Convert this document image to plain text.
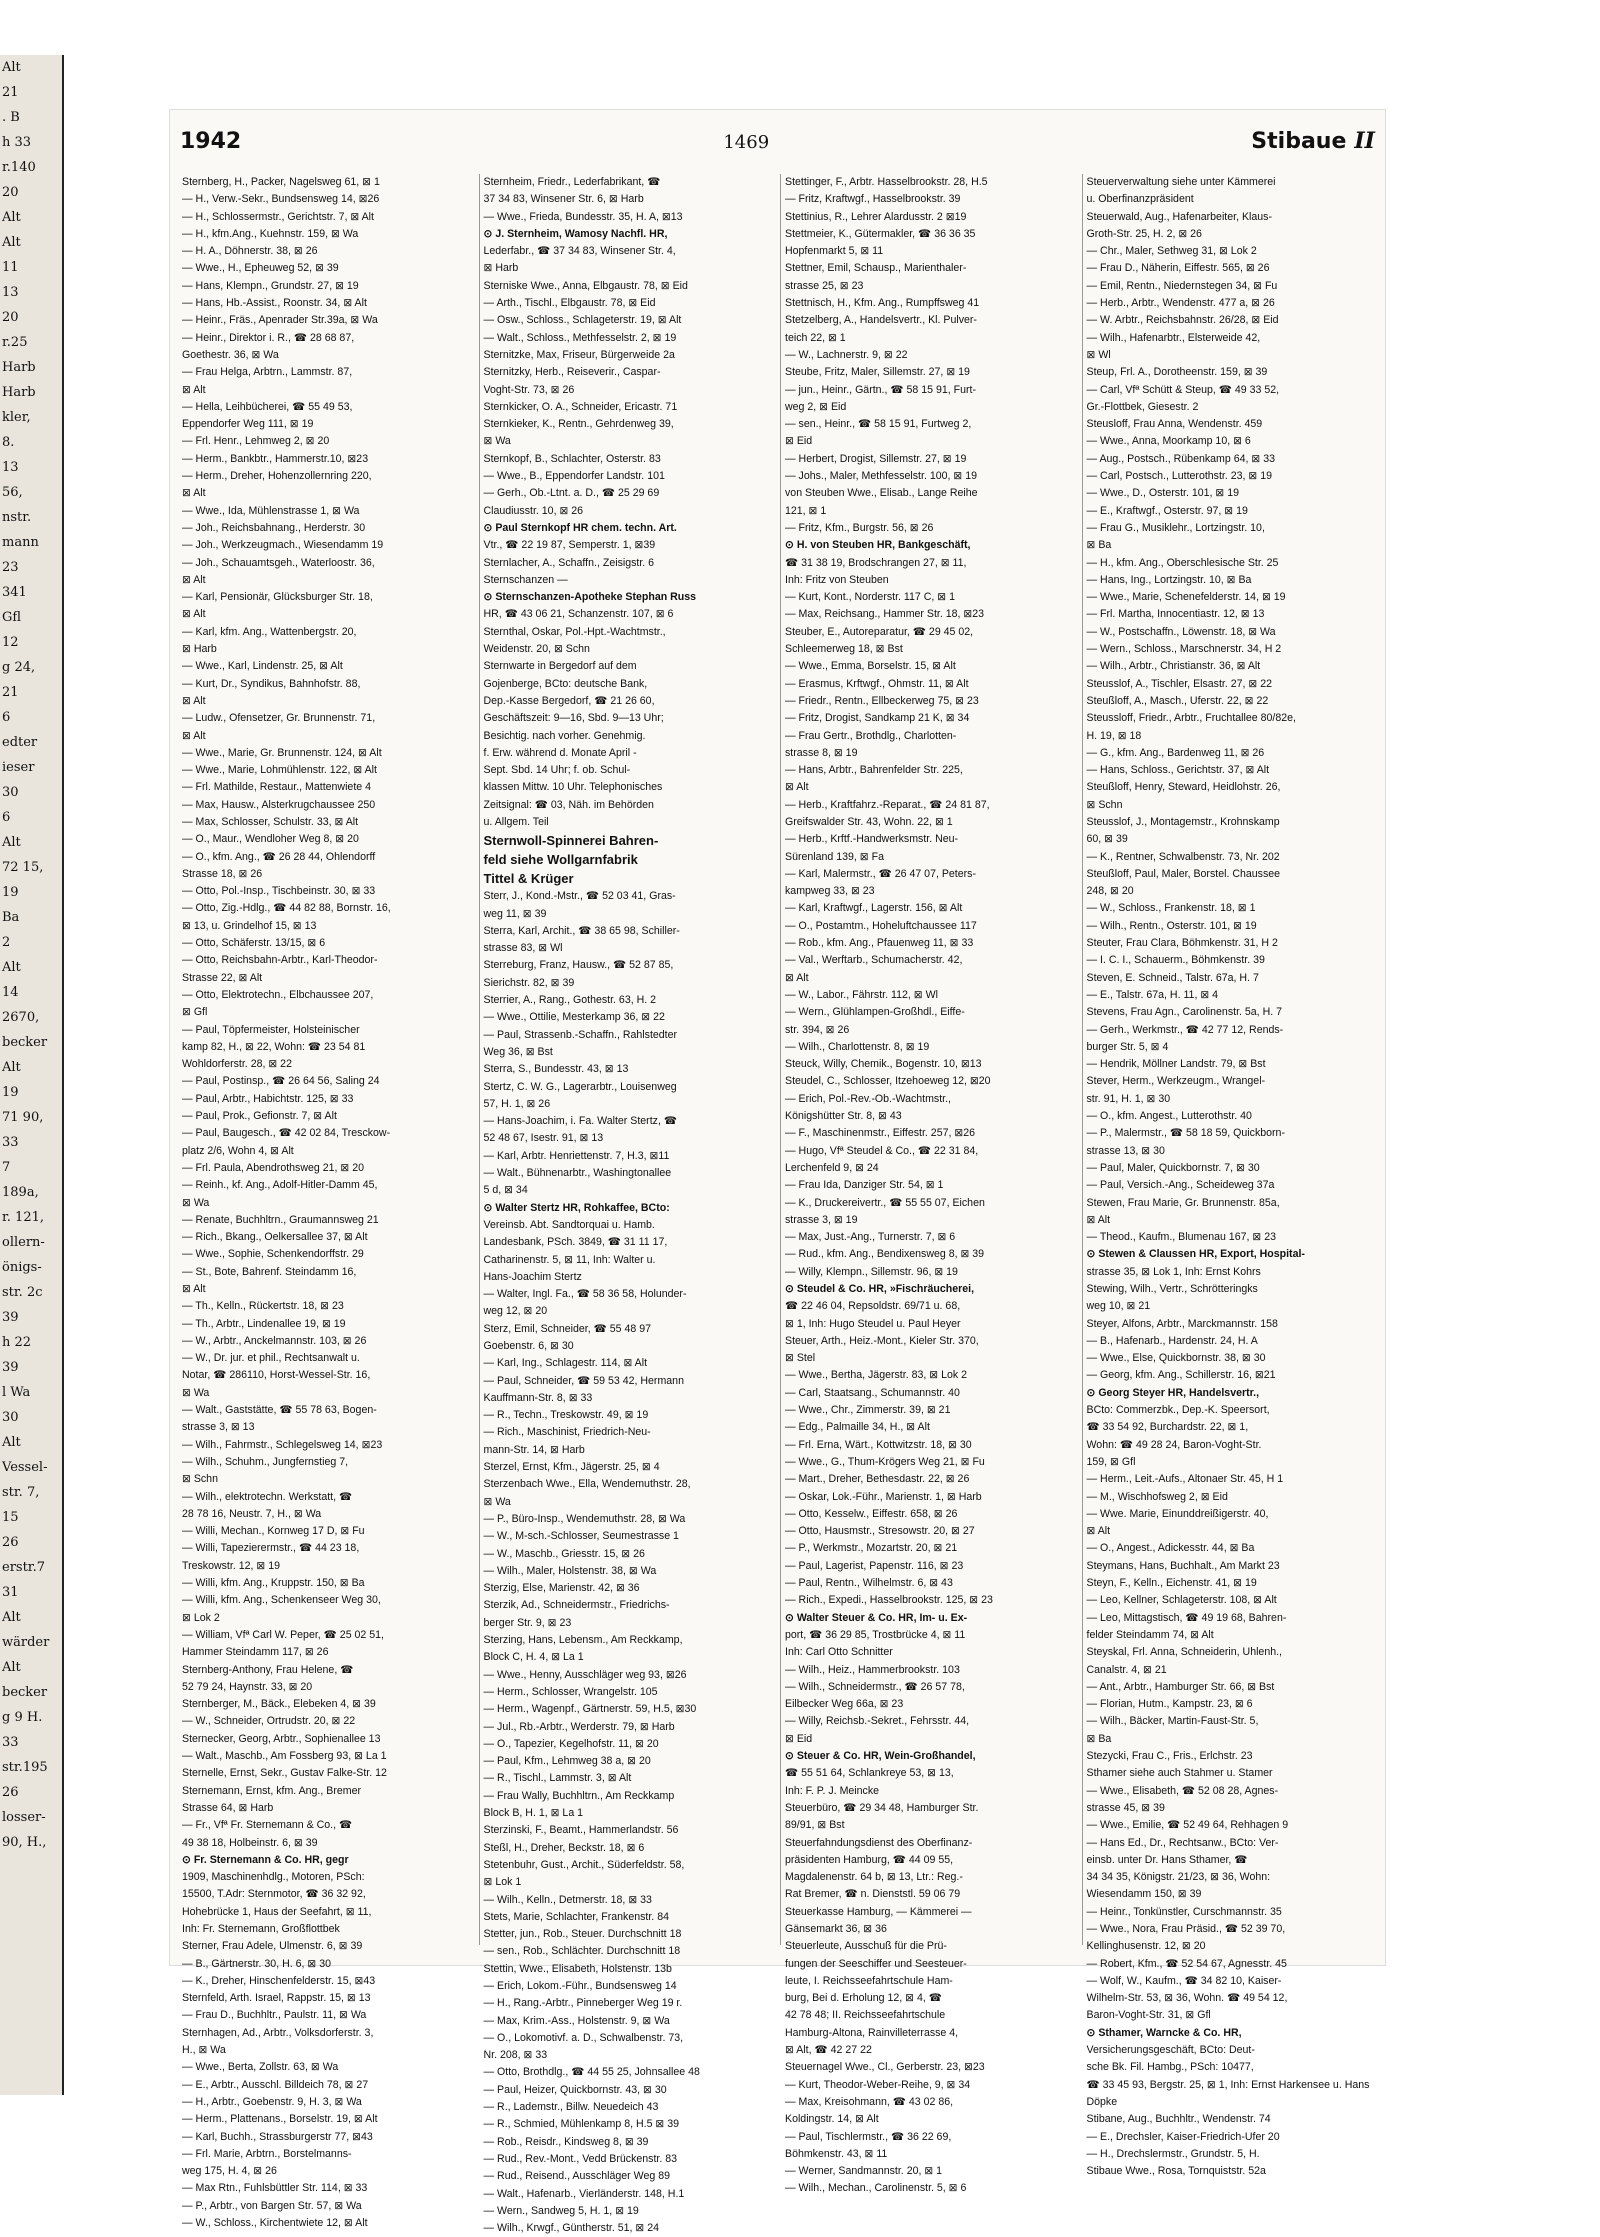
Alt
21
. B
h 33
r.140
20
Alt
Alt
11
13
20
r.25
Harb
Harb
kler,
8.
13
56,
nstr.
mann
23
341
Gfl
12
g 24,
21
6
edter
ieser
30
6
Alt
72 15,
19
Ba
2
Alt
14
2670,
becker
Alt
19
71 90,
33
7
189a,
r. 121,
ollern-
önigs-
str. 2c
39
h 22
39
l Wa
30
Alt
Vessel-
str. 7,
15
26
erstr.7
31
Alt
wärder
Alt
becker
g 9 H.
33
str.195
26
losser-
90, H.,
1942	1469	Stibaue II
Sternberg, H., Packer, Nagelsweg 61, ⊠ 1
— H., Verw.-Sekr., Bundsensweg 14, ⊠26
— H., Schlossermstr., Gerichtstr. 7, ⊠ Alt
— H., kfm.Ang., Kuehnstr. 159, ⊠ Wa
— H. A., Döhnerstr. 38, ⊠ 26
— Wwe., H., Epheuweg 52, ⊠ 39
— Hans, Klempn., Grundstr. 27, ⊠ 19
— Hans, Hb.-Assist., Roonstr. 34, ⊠ Alt
— Heinr., Fräs., Apenrader Str.39a, ⊠ Wa
— Heinr., Direktor i. R., ☎ 28 68 87,
Goethestr. 36, ⊠ Wa
— Frau Helga, Arbtrn., Lammstr. 87,
⊠ Alt
— Hella, Leihbücherei, ☎ 55 49 53,
Eppendorfer Weg 111, ⊠ 19
— Frl. Henr., Lehmweg 2, ⊠ 20
— Herm., Bankbtr., Hammerstr.10, ⊠23
— Herm., Dreher, Hohenzollernring 220,
⊠ Alt
— Wwe., Ida, Mühlenstrasse 1, ⊠ Wa
— Joh., Reichsbahnang., Herderstr. 30
— Joh., Werkzeugmach., Wiesendamm 19
— Joh., Schauamtsgeh., Waterloostr. 36,
⊠ Alt
— Karl, Pensionär, Glücksburger Str. 18,
⊠ Alt
— Karl, kfm. Ang., Wattenbergstr. 20,
⊠ Harb
— Wwe., Karl, Lindenstr. 25, ⊠ Alt
— Kurt, Dr., Syndikus, Bahnhofstr. 88,
⊠ Alt
— Ludw., Ofensetzer, Gr. Brunnenstr. 71,
⊠ Alt
— Wwe., Marie, Gr. Brunnenstr. 124, ⊠ Alt
— Wwe., Marie, Lohmühlenstr. 122, ⊠ Alt
— Frl. Mathilde, Restaur., Mattenwiete 4
— Max, Hausw., Alsterkrugchaussee 250
— Max, Schlosser, Schulstr. 33, ⊠ Alt
— O., Maur., Wendloher Weg 8, ⊠ 20
— O., kfm. Ang., ☎ 26 28 44, Ohlendorff
Strasse 18, ⊠ 26
— Otto, Pol.-Insp., Tischbeinstr. 30, ⊠ 33
— Otto, Zig.-Hdlg., ☎ 44 82 88, Bornstr. 16,
⊠ 13, u. Grindelhof 15, ⊠ 13
— Otto, Schäferstr. 13/15, ⊠ 6
— Otto, Reichsbahn-Arbtr., Karl-Theodor-
Strasse 22, ⊠ Alt
— Otto, Elektrotechn., Elbchaussee 207,
⊠ Gfl
— Paul, Töpfermeister, Holsteinischer
kamp 82, H., ⊠ 22, Wohn: ☎ 23 54 81
Wohldorferstr. 28, ⊠ 22
— Paul, Postinsp., ☎ 26 64 56, Saling 24
— Paul, Arbtr., Habichtstr. 125, ⊠ 33
— Paul, Prok., Gefionstr. 7, ⊠ Alt
— Paul, Baugesch., ☎ 42 02 84, Tresckow-
platz 2/6, Wohn 4, ⊠ Alt
— Frl. Paula, Abendrothsweg 21, ⊠ 20
— Reinh., kf. Ang., Adolf-Hitler-Damm 45,
⊠ Wa
— Renate, Buchhltrn., Graumannsweg 21
— Rich., Bkang., Oelkersallee 37, ⊠ Alt
— Wwe., Sophie, Schenkendorffstr. 29
— St., Bote, Bahrenf. Steindamm 16,
⊠ Alt
— Th., Kelln., Rückertstr. 18, ⊠ 23
— Th., Arbtr., Lindenallee 19, ⊠ 19
— W., Arbtr., Anckelmannstr. 103, ⊠ 26
— W., Dr. jur. et phil., Rechtsanwalt u.
Notar, ☎ 286110, Horst-Wessel-Str. 16,
⊠ Wa
— Walt., Gaststätte, ☎ 55 78 63, Bogen-
strasse 3, ⊠ 13
— Wilh., Fahrmstr., Schlegelsweg 14, ⊠23
— Wilh., Schuhm., Jungfernstieg 7,
⊠ Schn
— Wilh., elektrotechn. Werkstatt, ☎
28 78 16, Neustr. 7, H., ⊠ Wa
— Willi, Mechan., Kornweg 17 D, ⊠ Fu
— Willi, Tapezierermstr., ☎ 44 23 18,
Treskowstr. 12, ⊠ 19
— Willi, kfm. Ang., Kruppstr. 150, ⊠ Ba
— Willi, kfm. Ang., Schenkenseer Weg 30,
⊠ Lok 2
— William, Vfª Carl W. Peper, ☎ 25 02 51,
Hammer Steindamm 117, ⊠ 26
Sternberg-Anthony, Frau Helene, ☎
52 79 24, Haynstr. 33, ⊠ 20
Sternberger, M., Bäck., Elebeken 4, ⊠ 39
— W., Schneider, Ortrudstr. 20, ⊠ 22
Sternecker, Georg, Arbtr., Sophienallee 13
— Walt., Maschb., Am Fossberg 93, ⊠ La 1
Sternelle, Ernst, Sekr., Gustav Falke-Str. 12
Sternemann, Ernst, kfm. Ang., Bremer
Strasse 64, ⊠ Harb
— Fr., Vfª Fr. Sternemann & Co., ☎
49 38 18, Holbeinstr. 6, ⊠ 39
⊙ Fr. Sternemann & Co. HR, gegr
1909, Maschinenhdlg., Motoren, PSch:
15500, T.Adr: Sternmotor, ☎ 36 32 92,
Hohebrücke 1, Haus der Seefahrt, ⊠ 11,
Inh: Fr. Sternemann, Großflottbek
Sterner, Frau Adele, Ulmenstr. 6, ⊠ 39
— B., Gärtnerstr. 30, H. 6, ⊠ 30
— K., Dreher, Hinschenfelderstr. 15, ⊠43
Sternfeld, Arth. Israel, Rappstr. 15, ⊠ 13
— Frau D., Buchhltr., Paulstr. 11, ⊠ Wa
Sternhagen, Ad., Arbtr., Volksdorferstr. 3,
H., ⊠ Wa
— Wwe., Berta, Zollstr. 63, ⊠ Wa
— E., Arbtr., Ausschl. Billdeich 78, ⊠ 27
— H., Arbtr., Goebenstr. 9, H. 3, ⊠ Wa
— Herm., Plattenans., Borselstr. 19, ⊠ Alt
— Karl, Buchh., Strassburgerstr 77, ⊠43
— Frl. Marie, Arbtrn., Borstelmanns-
weg 175, H. 4, ⊠ 26
— Max Rtn., Fuhlsbüttler Str. 114, ⊠ 33
— P., Arbtr., von Bargen Str. 57, ⊠ Wa
— W., Schloss., Kirchentwiete 12, ⊠ Alt
Sternheim, Friedr., Lederfabrikant, ☎
37 34 83, Winsener Str. 6, ⊠ Harb
— Wwe., Frieda, Bundesstr. 35, H. A, ⊠13
⊙ J. Sternheim, Wamosy Nachfl. HR,
Lederfabr., ☎ 37 34 83, Winsener Str. 4,
⊠ Harb
Sterniske Wwe., Anna, Elbgaustr. 78, ⊠ Eid
— Arth., Tischl., Elbgaustr. 78, ⊠ Eid
— Osw., Schloss., Schlageterstr. 19, ⊠ Alt
— Walt., Schloss., Methfesselstr. 2, ⊠ 19
Sternitzke, Max, Friseur, Bürgerweide 2a
Sternitzky, Herb., Reiseverir., Caspar-
Voght-Str. 73, ⊠ 26
Sternkicker, O. A., Schneider, Ericastr. 71
Sternkieker, K., Rentn., Gehrdenweg 39,
⊠ Wa
Sternkopf, B., Schlachter, Osterstr. 83
— Wwe., B., Eppendorfer Landstr. 101
— Gerh., Ob.-Ltnt. a. D., ☎ 25 29 69
Claudiusstr. 10, ⊠ 26
⊙ Paul Sternkopf HR chem. techn. Art.
Vtr., ☎ 22 19 87, Semperstr. 1, ⊠39
Sternlacher, A., Schaffn., Zeisigstr. 6
Sternschanzen —
⊙ Sternschanzen-Apotheke Stephan Russ
HR, ☎ 43 06 21, Schanzenstr. 107, ⊠ 6
Sternthal, Oskar, Pol.-Hpt.-Wachtmstr.,
Weidenstr. 20, ⊠ Schn
Sternwarte in Bergedorf auf dem
Gojenberge, BCto: deutsche Bank,
Dep.-Kasse Bergedorf, ☎ 21 26 60,
Geschäftszeit: 9—16, Sbd. 9—13 Uhr;
Besichtig. nach vorher. Genehmig.
f. Erw. während d. Monate April -
Sept. Sbd. 14 Uhr; f. ob. Schul-
klassen Mittw. 10 Uhr. Telephonisches
Zeitsignal: ☎ 03, Näh. im Behörden
u. Allgem. Teil
Sternwoll-Spinnerei Bahren-
feld siehe Wollgarnfabrik
Tittel & Krüger
Sterr, J., Kond.-Mstr., ☎ 52 03 41, Gras-
weg 11, ⊠ 39
Sterra, Karl, Archit., ☎ 38 65 98, Schiller-
strasse 83, ⊠ Wl
Sterreburg, Franz, Hausw., ☎ 52 87 85,
Sierichstr. 82, ⊠ 39
Sterrier, A., Rang., Gothestr. 63, H. 2
— Wwe., Ottilie, Mesterkamp 36, ⊠ 22
— Paul, Strassenb.-Schaffn., Rahlstedter
Weg 36, ⊠ Bst
Sterra, S., Bundesstr. 43, ⊠ 13
Stertz, C. W. G., Lagerarbtr., Louisenweg
57, H. 1, ⊠ 26
— Hans-Joachim, i. Fa. Walter Stertz, ☎
52 48 67, Isestr. 91, ⊠ 13
— Karl, Arbtr. Henriettenstr. 7, H.3, ⊠11
— Walt., Bühnenarbtr., Washingtonallee
5 d, ⊠ 34
⊙ Walter Stertz HR, Rohkaffee, BCto:
Vereinsb. Abt. Sandtorquai u. Hamb.
Landesbank, PSch. 3849, ☎ 31 11 17,
Catharinenstr. 5, ⊠ 11, Inh: Walter u.
Hans-Joachim Stertz
— Walter, Ingl. Fa., ☎ 58 36 58, Holunder-
weg 12, ⊠ 20
Sterz, Emil, Schneider, ☎ 55 48 97
Goebenstr. 6, ⊠ 30
— Karl, Ing., Schlagestr. 114, ⊠ Alt
— Paul, Schneider, ☎ 59 53 42, Hermann
Kauffmann-Str. 8, ⊠ 33
— R., Techn., Treskowstr. 49, ⊠ 19
— Rich., Maschinist, Friedrich-Neu-
mann-Str. 14, ⊠ Harb
Sterzel, Ernst, Kfm., Jägerstr. 25, ⊠ 4
Sterzenbach Wwe., Ella, Wendemuthstr. 28,
⊠ Wa
— P., Büro-Insp., Wendemuthstr. 28, ⊠ Wa
— W., M-sch.-Schlosser, Seumestrasse 1
— W., Maschb., Griesstr. 15, ⊠ 26
— Wilh., Maler, Holstenstr. 38, ⊠ Wa
Sterzig, Else, Marienstr. 42, ⊠ 36
Sterzik, Ad., Schneidermstr., Friedrichs-
berger Str. 9, ⊠ 23
Sterzing, Hans, Lebensm., Am Reckkamp,
Block C, H. 4, ⊠ La 1
— Wwe., Henny, Ausschläger weg 93, ⊠26
— Herm., Schlosser, Wrangelstr. 105
— Herm., Wagenpf., Gärtnerstr. 59, H.5, ⊠30
— Jul., Rb.-Arbtr., Werderstr. 79, ⊠ Harb
— O., Tapezier, Kegelhofstr. 11, ⊠ 20
— Paul, Kfm., Lehmweg 38 a, ⊠ 20
— R., Tischl., Lammstr. 3, ⊠ Alt
— Frau Wally, Buchhltrn., Am Reckkamp
Block B, H. 1, ⊠ La 1
Sterzinski, F., Beamt., Hammerlandstr. 56
Steßl, H., Dreher, Beckstr. 18, ⊠ 6
Stetenbuhr, Gust., Archit., Süderfeldstr. 58,
⊠ Lok 1
— Wilh., Kelln., Detmerstr. 18, ⊠ 33
Stets, Marie, Schlachter, Frankenstr. 84
Stetter, jun., Rob., Steuer. Durchschnitt 18
— sen., Rob., Schlächter. Durchschnitt 18
Stettin, Wwe., Elisabeth, Holstenstr. 13b
— Erich, Lokom.-Führ., Bundsensweg 14
— H., Rang.-Arbtr., Pinneberger Weg 19 r.
— Max, Krim.-Ass., Holstenstr. 9, ⊠ Wa
— O., Lokomotivf. a. D., Schwalbenstr. 73,
Nr. 208, ⊠ 33
— Otto, Brothdlg., ☎ 44 55 25, Johnsallee 48
— Paul, Heizer, Quickbornstr. 43, ⊠ 30
— R., Lademstr., Billw. Neuedeich 43
— R., Schmied, Mühlenkamp 8, H.5 ⊠ 39
— Rob., Reisdr., Kindsweg 8, ⊠ 39
— Rud., Rev.-Mont., Vedd Brückenstr. 83
— Rud., Reisend., Ausschläger Weg 89
— Walt., Hafenarb., Vierländerstr. 148, H.1
— Wern., Sandweg 5, H. 1, ⊠ 19
— Wilh., Krwgf., Güntherstr. 51, ⊠ 24
Stettinger, F., Arbtr. Hasselbrookstr. 28, H.5
— Fritz, Kraftwgf., Hasselbrookstr. 39
Stettinius, R., Lehrer Alardusstr. 2 ⊠19
Stettmeier, K., Gütermakler, ☎ 36 36 35
Hopfenmarkt 5, ⊠ 11
Stettner, Emil, Schausp., Marienthaler-
strasse 25, ⊠ 23
Stettnisch, H., Kfm. Ang., Rumpffsweg 41
Stetzelberg, A., Handelsvertr., Kl. Pulver-
teich 22, ⊠ 1
— W., Lachnerstr. 9, ⊠ 22
Steube, Fritz, Maler, Sillemstr. 27, ⊠ 19
— jun., Heinr., Gärtn., ☎ 58 15 91, Furt-
weg 2, ⊠ Eid
— sen., Heinr., ☎ 58 15 91, Furtweg 2,
⊠ Eid
— Herbert, Drogist, Sillemstr. 27, ⊠ 19
— Johs., Maler, Methfesselstr. 100, ⊠ 19
von Steuben Wwe., Elisab., Lange Reihe
121, ⊠ 1
— Fritz, Kfm., Burgstr. 56, ⊠ 26
⊙ H. von Steuben HR, Bankgeschäft,
☎ 31 38 19, Brodschrangen 27, ⊠ 11,
Inh: Fritz von Steuben
— Kurt, Kont., Norderstr. 117 C, ⊠ 1
— Max, Reichsang., Hammer Str. 18, ⊠23
Steuber, E., Autoreparatur, ☎ 29 45 02,
Schleemerweg 18, ⊠ Bst
— Wwe., Emma, Borselstr. 15, ⊠ Alt
— Erasmus, Krftwgf., Ohmstr. 11, ⊠ Alt
— Friedr., Rentn., Ellbeckerweg 75, ⊠ 23
— Fritz, Drogist, Sandkamp 21 K, ⊠ 34
— Frau Gertr., Brothdlg., Charlotten-
strasse 8, ⊠ 19
— Hans, Arbtr., Bahrenfelder Str. 225,
⊠ Alt
— Herb., Kraftfahrz.-Reparat., ☎ 24 81 87,
Greifswalder Str. 43, Wohn. 22, ⊠ 1
— Herb., Krftf.-Handwerksmstr. Neu-
Sürenland 139, ⊠ Fa
— Karl, Malermstr., ☎ 26 47 07, Peters-
kampweg 33, ⊠ 23
— Karl, Kraftwgf., Lagerstr. 156, ⊠ Alt
— O., Postamtm., Hoheluftchaussee 117
— Rob., kfm. Ang., Pfauenweg 11, ⊠ 33
— Val., Werftarb., Schumacherstr. 42,
⊠ Alt
— W., Labor., Fährstr. 112, ⊠ Wl
— Wern., Glühlampen-Großhdl., Eiffe-
str. 394, ⊠ 26
— Wilh., Charlottenstr. 8, ⊠ 19
Steuck, Willy, Chemik., Bogenstr. 10, ⊠13
Steudel, C., Schlosser, Itzehoeweg 12, ⊠20
— Erich, Pol.-Rev.-Ob.-Wachtmstr.,
Königshütter Str. 8, ⊠ 43
— F., Maschinenmstr., Eiffestr. 257, ⊠26
— Hugo, Vfª Steudel & Co., ☎ 22 31 84,
Lerchenfeld 9, ⊠ 24
— Frau Ida, Danziger Str. 54, ⊠ 1
— K., Druckereivertr., ☎ 55 55 07, Eichen
strasse 3, ⊠ 19
— Max, Just.-Ang., Turnerstr. 7, ⊠ 6
— Rud., kfm. Ang., Bendixensweg 8, ⊠ 39
— Willy, Klempn., Sillemstr. 96, ⊠ 19
⊙ Steudel & Co. HR, »Fischräucherei,
☎ 22 46 04, Repsoldstr. 69/71 u. 68,
⊠ 1, Inh: Hugo Steudel u. Paul Heyer
Steuer, Arth., Heiz.-Mont., Kieler Str. 370,
⊠ Stel
— Wwe., Bertha, Jägerstr. 83, ⊠ Lok 2
— Carl, Staatsang., Schumannstr. 40
— Wwe., Chr., Zimmerstr. 39, ⊠ 21
— Edg., Palmaille 34, H., ⊠ Alt
— Frl. Erna, Wärt., Kottwitzstr. 18, ⊠ 30
— Wwe., G., Thum-Krögers Weg 21, ⊠ Fu
— Mart., Dreher, Bethesdastr. 22, ⊠ 26
— Oskar, Lok.-Führ., Marienstr. 1, ⊠ Harb
— Otto, Kesselw., Eiffestr. 658, ⊠ 26
— Otto, Hausmstr., Stresowstr. 20, ⊠ 27
— P., Werkmstr., Mozartstr. 20, ⊠ 21
— Paul, Lagerist, Papenstr. 116, ⊠ 23
— Paul, Rentn., Wilhelmstr. 6, ⊠ 43
— Rich., Expedi., Hasselbrookstr. 125, ⊠ 23
⊙ Walter Steuer & Co. HR, Im- u. Ex-
port, ☎ 36 29 85, Trostbrücke 4, ⊠ 11
Inh: Carl Otto Schnitter
— Wilh., Heiz., Hammerbrookstr. 103
— Wilh., Schneidermstr., ☎ 26 57 78,
Eilbecker Weg 66a, ⊠ 23
— Willy, Reichsb.-Sekret., Fehrsstr. 44,
⊠ Eid
⊙ Steuer & Co. HR, Wein-Großhandel,
☎ 55 51 64, Schlankreye 53, ⊠ 13,
Inh: F. P. J. Meincke
Steuerbüro, ☎ 29 34 48, Hamburger Str.
89/91, ⊠ Bst
Steuerfahndungsdienst des Oberfinanz-
präsidenten Hamburg, ☎ 44 09 55,
Magdalenenstr. 64 b, ⊠ 13, Ltr.: Reg.-
Rat Bremer, ☎ n. Dienststl. 59 06 79
Steuerkasse Hamburg, — Kämmerei —
Gänsemarkt 36, ⊠ 36
Steuerleute, Ausschuß für die Prü-
fungen der Seeschiffer und Seesteuer-
leute, I. Reichsseefahrtschule Ham-
burg, Bei d. Erholung 12, ⊠ 4, ☎
42 78 48; II. Reichsseefahrtschule
Hamburg-Altona, Rainvilleterrasse 4,
⊠ Alt, ☎ 42 27 22
Steuernagel Wwe., Cl., Gerberstr. 23, ⊠23
— Kurt, Theodor-Weber-Reihe, 9, ⊠ 34
— Max, Kreisohmann, ☎ 43 02 86,
Koldingstr. 14, ⊠ Alt
— Paul, Tischlermstr., ☎ 36 22 69,
Böhmkenstr. 43, ⊠ 11
— Werner, Sandmannstr. 20, ⊠ 1
— Wilh., Mechan., Carolinenstr. 5, ⊠ 6
Steuerverwaltung siehe unter Kämmerei
u. Oberfinanzpräsident
Steuerwald, Aug., Hafenarbeiter, Klaus-
Groth-Str. 25, H. 2, ⊠ 26
— Chr., Maler, Sethweg 31, ⊠ Lok 2
— Frau D., Näherin, Eiffestr. 565, ⊠ 26
— Emil, Rentn., Niedernstegen 34, ⊠ Fu
— Herb., Arbtr., Wendenstr. 477 a, ⊠ 26
— W. Arbtr., Reichsbahnstr. 26/28, ⊠ Eid
— Wilh., Hafenarbtr., Elsterweide 42,
⊠ Wl
Steup, Frl. A., Dorotheenstr. 159, ⊠ 39
— Carl, Vfª Schütt & Steup, ☎ 49 33 52,
Gr.-Flottbek, Giesestr. 2
Steusloff, Frau Anna, Wendenstr. 459
— Wwe., Anna, Moorkamp 10, ⊠ 6
— Aug., Postsch., Rübenkamp 64, ⊠ 33
— Carl, Postsch., Lutterothstr. 23, ⊠ 19
— Wwe., D., Osterstr. 101, ⊠ 19
— E., Kraftwgf., Osterstr. 97, ⊠ 19
— Frau G., Musiklehr., Lortzingstr. 10,
⊠ Ba
— H., kfm. Ang., Oberschlesische Str. 25
— Hans, Ing., Lortzingstr. 10, ⊠ Ba
— Wwe., Marie, Schenefelderstr. 14, ⊠ 19
— Frl. Martha, Innocentiastr. 12, ⊠ 13
— W., Postschaffn., Löwenstr. 18, ⊠ Wa
— Wern., Schloss., Marschnerstr. 34, H 2
— Wilh., Arbtr., Christianstr. 36, ⊠ Alt
Steusslof, A., Tischler, Elsastr. 27, ⊠ 22
Steußloff, A., Masch., Uferstr. 22, ⊠ 22
Steussloff, Friedr., Arbtr., Fruchtallee 80/82e,
H. 19, ⊠ 18
— G., kfm. Ang., Bardenweg 11, ⊠ 26
— Hans, Schloss., Gerichtstr. 37, ⊠ Alt
Steußloff, Henry, Steward, Heidlohstr. 26,
⊠ Schn
Steusslof, J., Montagemstr., Krohnskamp
60, ⊠ 39
— K., Rentner, Schwalbenstr. 73, Nr. 202
Steußloff, Paul, Maler, Borstel. Chaussee
248, ⊠ 20
— W., Schloss., Frankenstr. 18, ⊠ 1
— Wilh., Rentn., Osterstr. 101, ⊠ 19
Steuter, Frau Clara, Böhmkenstr. 31, H 2
— I. C. I., Schauerm., Böhmkenstr. 39
Steven, E. Schneid., Talstr. 67a, H. 7
— E., Talstr. 67a, H. 11, ⊠ 4
Stevens, Frau Agn., Carolinenstr. 5a, H. 7
— Gerh., Werkmstr., ☎ 42 77 12, Rends-
burger Str. 5, ⊠ 4
— Hendrik, Möllner Landstr. 79, ⊠ Bst
Stever, Herm., Werkzeugm., Wrangel-
str. 91, H. 1, ⊠ 30
— O., kfm. Angest., Lutterothstr. 40
— P., Malermstr., ☎ 58 18 59, Quickborn-
strasse 13, ⊠ 30
— Paul, Maler, Quickbornstr. 7, ⊠ 30
— Paul, Versich.-Ang., Scheideweg 37a
Stewen, Frau Marie, Gr. Brunnenstr. 85a,
⊠ Alt
— Theod., Kaufm., Blumenau 167, ⊠ 23
⊙ Stewen & Claussen HR, Export, Hospital-
strasse 35, ⊠ Lok 1, Inh: Ernst Kohrs
Stewing, Wilh., Vertr., Schrötteringks
weg 10, ⊠ 21
Steyer, Alfons, Arbtr., Marckmannstr. 158
— B., Hafenarb., Hardenstr. 24, H. A
— Wwe., Else, Quickbornstr. 38, ⊠ 30
— Georg, kfm. Ang., Schillerstr. 16, ⊠21
⊙ Georg Steyer HR, Handelsvertr.,
BCto: Commerzbk., Dep.-K. Speersort,
☎ 33 54 92, Burchardstr. 22, ⊠ 1,
Wohn: ☎ 49 28 24, Baron-Voght-Str.
159, ⊠ Gfl
— Herm., Leit.-Aufs., Altonaer Str. 45, H 1
— M., Wischhofsweg 2, ⊠ Eid
— Wwe. Marie, Einunddreißigerstr. 40,
⊠ Alt
— O., Angest., Adickesstr. 44, ⊠ Ba
Steymans, Hans, Buchhalt., Am Markt 23
Steyn, F., Kelln., Eichenstr. 41, ⊠ 19
— Leo, Kellner, Schlageterstr. 108, ⊠ Alt
— Leo, Mittagstisch, ☎ 49 19 68, Bahren-
felder Steindamm 74, ⊠ Alt
Steyskal, Frl. Anna, Schneiderin, Uhlenh.,
Canalstr. 4, ⊠ 21
— Ant., Arbtr., Hamburger Str. 66, ⊠ Bst
— Florian, Hutm., Kampstr. 23, ⊠ 6
— Wilh., Bäcker, Martin-Faust-Str. 5,
⊠ Ba
Stezycki, Frau C., Fris., Erlchstr. 23
Sthamer siehe auch Stahmer u. Stamer
— Wwe., Elisabeth, ☎ 52 08 28, Agnes-
strasse 45, ⊠ 39
— Wwe., Emilie, ☎ 52 49 64, Rehhagen 9
— Hans Ed., Dr., Rechtsanw., BCto: Ver-
einsb. unter Dr. Hans Sthamer, ☎
34 34 35, Königstr. 21/23, ⊠ 36, Wohn:
Wiesendamm 150, ⊠ 39
— Heinr., Tonkünstler, Curschmannstr. 35
— Wwe., Nora, Frau Präsid., ☎ 52 39 70,
Kellinghusenstr. 12, ⊠ 20
— Robert, Kfm., ☎ 52 54 67, Agnesstr. 45
— Wolf, W., Kaufm., ☎ 34 82 10, Kaiser-
Wilhelm-Str. 53, ⊠ 36, Wohn. ☎ 49 54 12,
Baron-Voght-Str. 31, ⊠ Gfl
⊙ Sthamer, Warncke & Co. HR,
Versicherungsgeschäft, BCto: Deut-
sche Bk. Fil. Hambg., PSch: 10477,
☎ 33 45 93, Bergstr. 25, ⊠ 1, Inh: Ernst Harkensee u. Hans
Döpke
Stibane, Aug., Buchhltr., Wendenstr. 74
— E., Drechsler, Kaiser-Friedrich-Ufer 20
— H., Drechslermstr., Grundstr. 5, H.
Stibaue Wwe., Rosa, Tornquiststr. 52a
